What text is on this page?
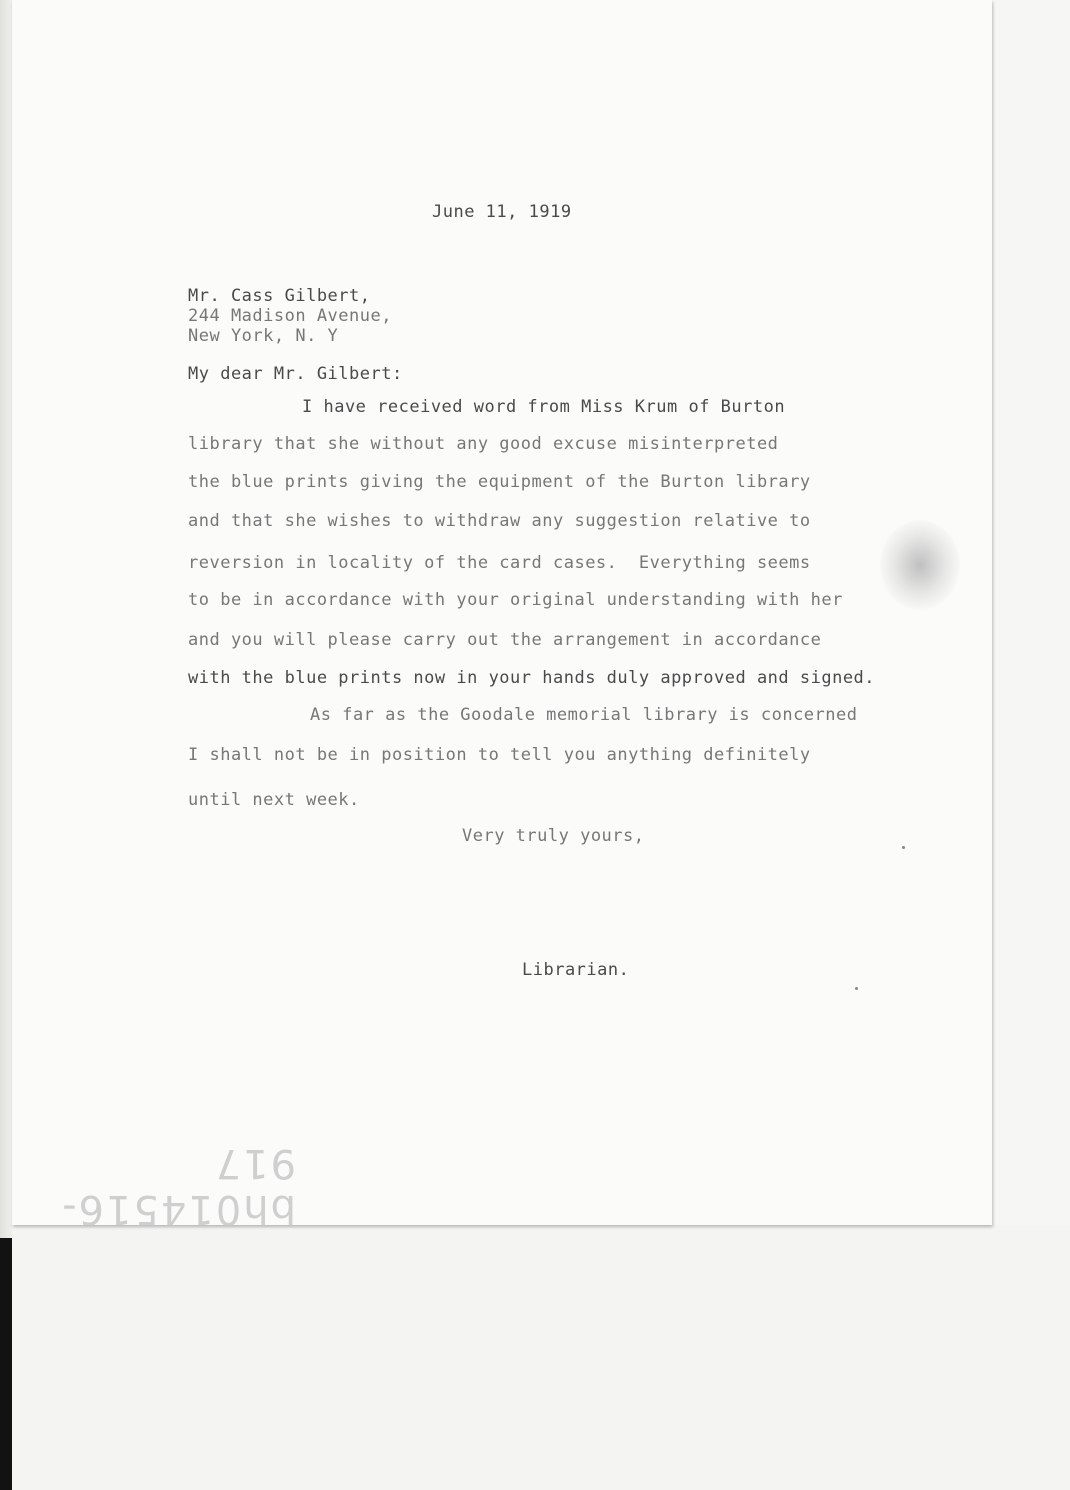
June 11, 1919
Mr. Cass Gilbert,
244 Madison Avenue,
New York, N. Y
My dear Mr. Gilbert:
I have received word from Miss Krum of Burton
library that she without any good excuse misinterpreted
the blue prints giving the equipment of the Burton library
and that she wishes to withdraw any suggestion relative to
reversion in locality of the card cases.  Everything seems
to be in accordance with your original understanding with her
and you will please carry out the arrangement in accordance
with the blue prints now in your hands duly approved and signed.
As far as the Goodale memorial library is concerned
I shall not be in position to tell you anything definitely
until next week.
Very truly yours,
Librarian.
bh014516-917
